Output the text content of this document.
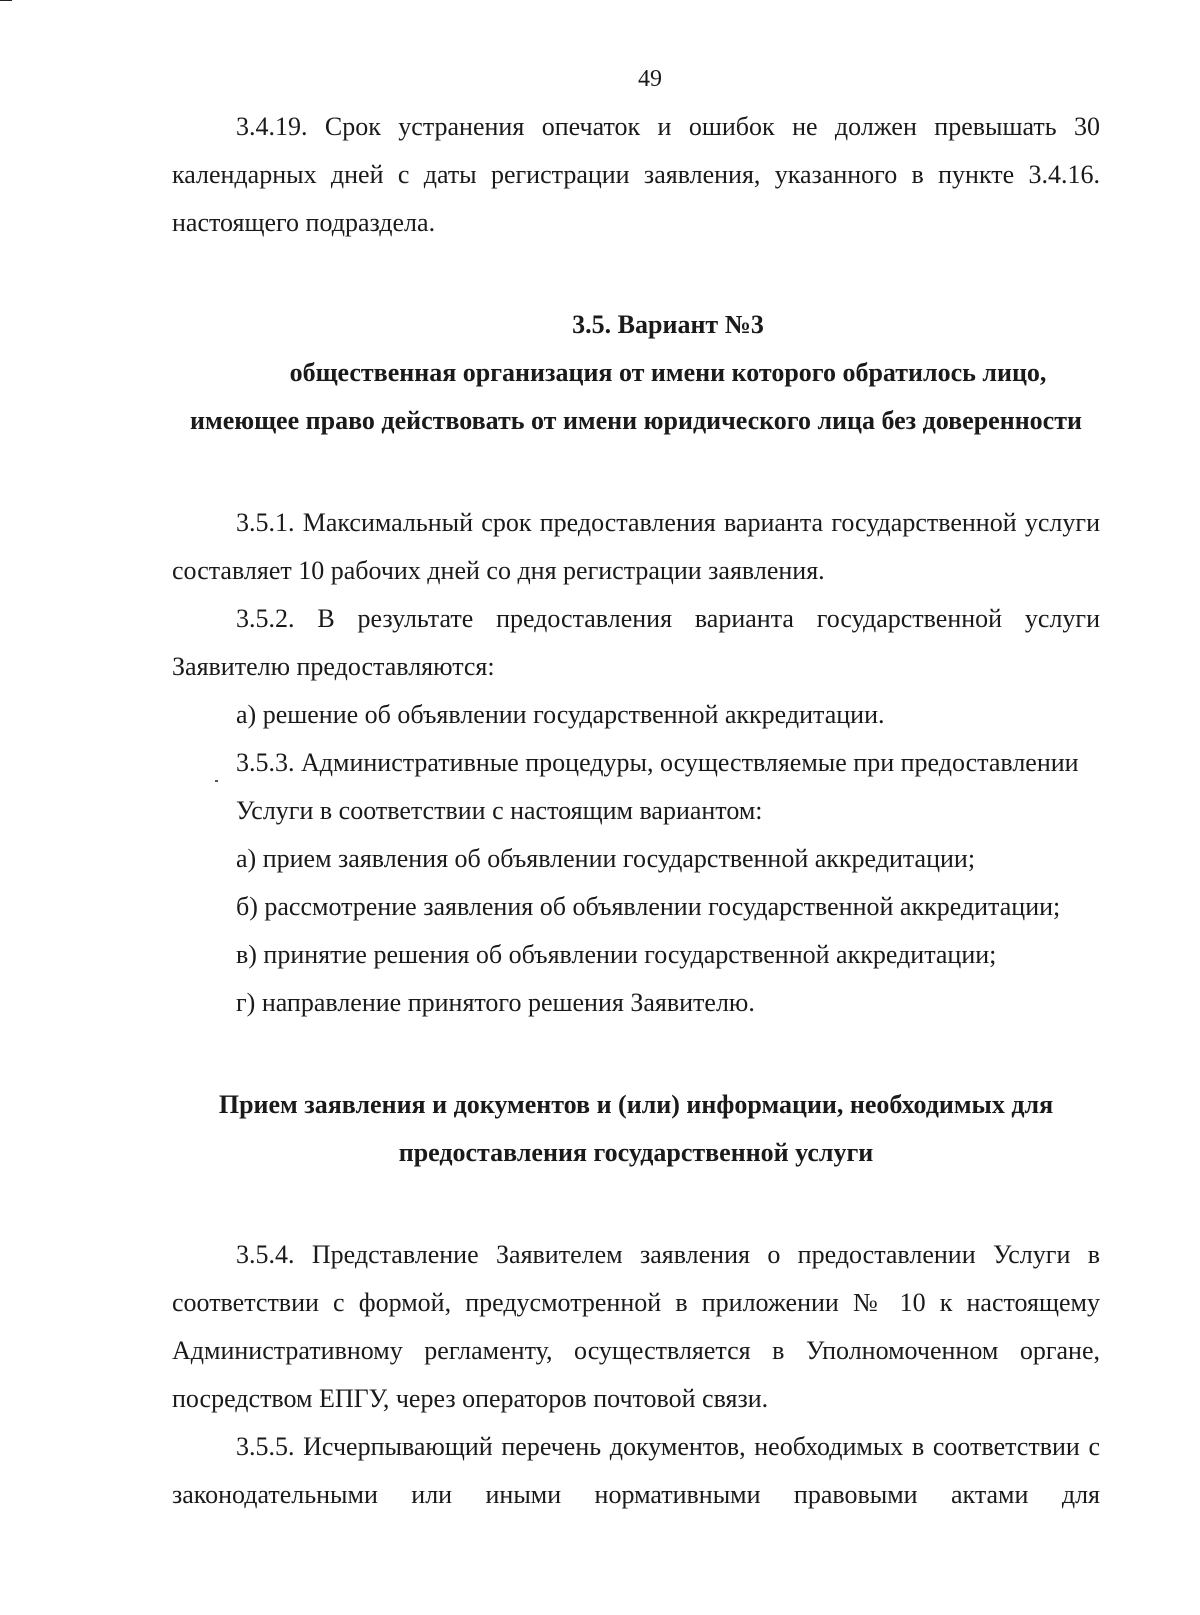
49

3.4.19. Срок устранения опечаток и ошибок не должен превышать 30 календарных дней с даты регистрации заявления, указанного в пункте 3.4.16. настоящего подраздела.

3.5. Вариант №3

общественная организация от имени которого обратилось лицо,

имеющее право действовать от имени юридического лица без доверенности

3.5.1. Максимальный срок предоставления варианта государственной услуги составляет 10 рабочих дней со дня регистрации заявления.

3.5.2. В результате предоставления варианта государственной услуги Заявителю предоставляются:

а) решение об объявлении государственной аккредитации.

3.5.3. Административные процедуры, осуществляемые при предоставлении

Услуги в соответствии с настоящим вариантом:

а) прием заявления об объявлении государственной аккредитации;

б) рассмотрение заявления об объявлении государственной аккредитации;

в) принятие решения об объявлении государственной аккредитации;

г) направление принятого решения Заявителю.

Прием заявления и документов и (или) информации, необходимых для

предоставления государственной услуги

3.5.4. Представление Заявителем заявления о предоставлении Услуги в соответствии с формой, предусмотренной в приложении № 10 к настоящему Административному регламенту, осуществляется в Уполномоченном органе, посредством ЕПГУ, через операторов почтовой связи.

3.5.5. Исчерпывающий перечень документов, необходимых в соответствии с законодательными или иными нормативными правовыми актами для
